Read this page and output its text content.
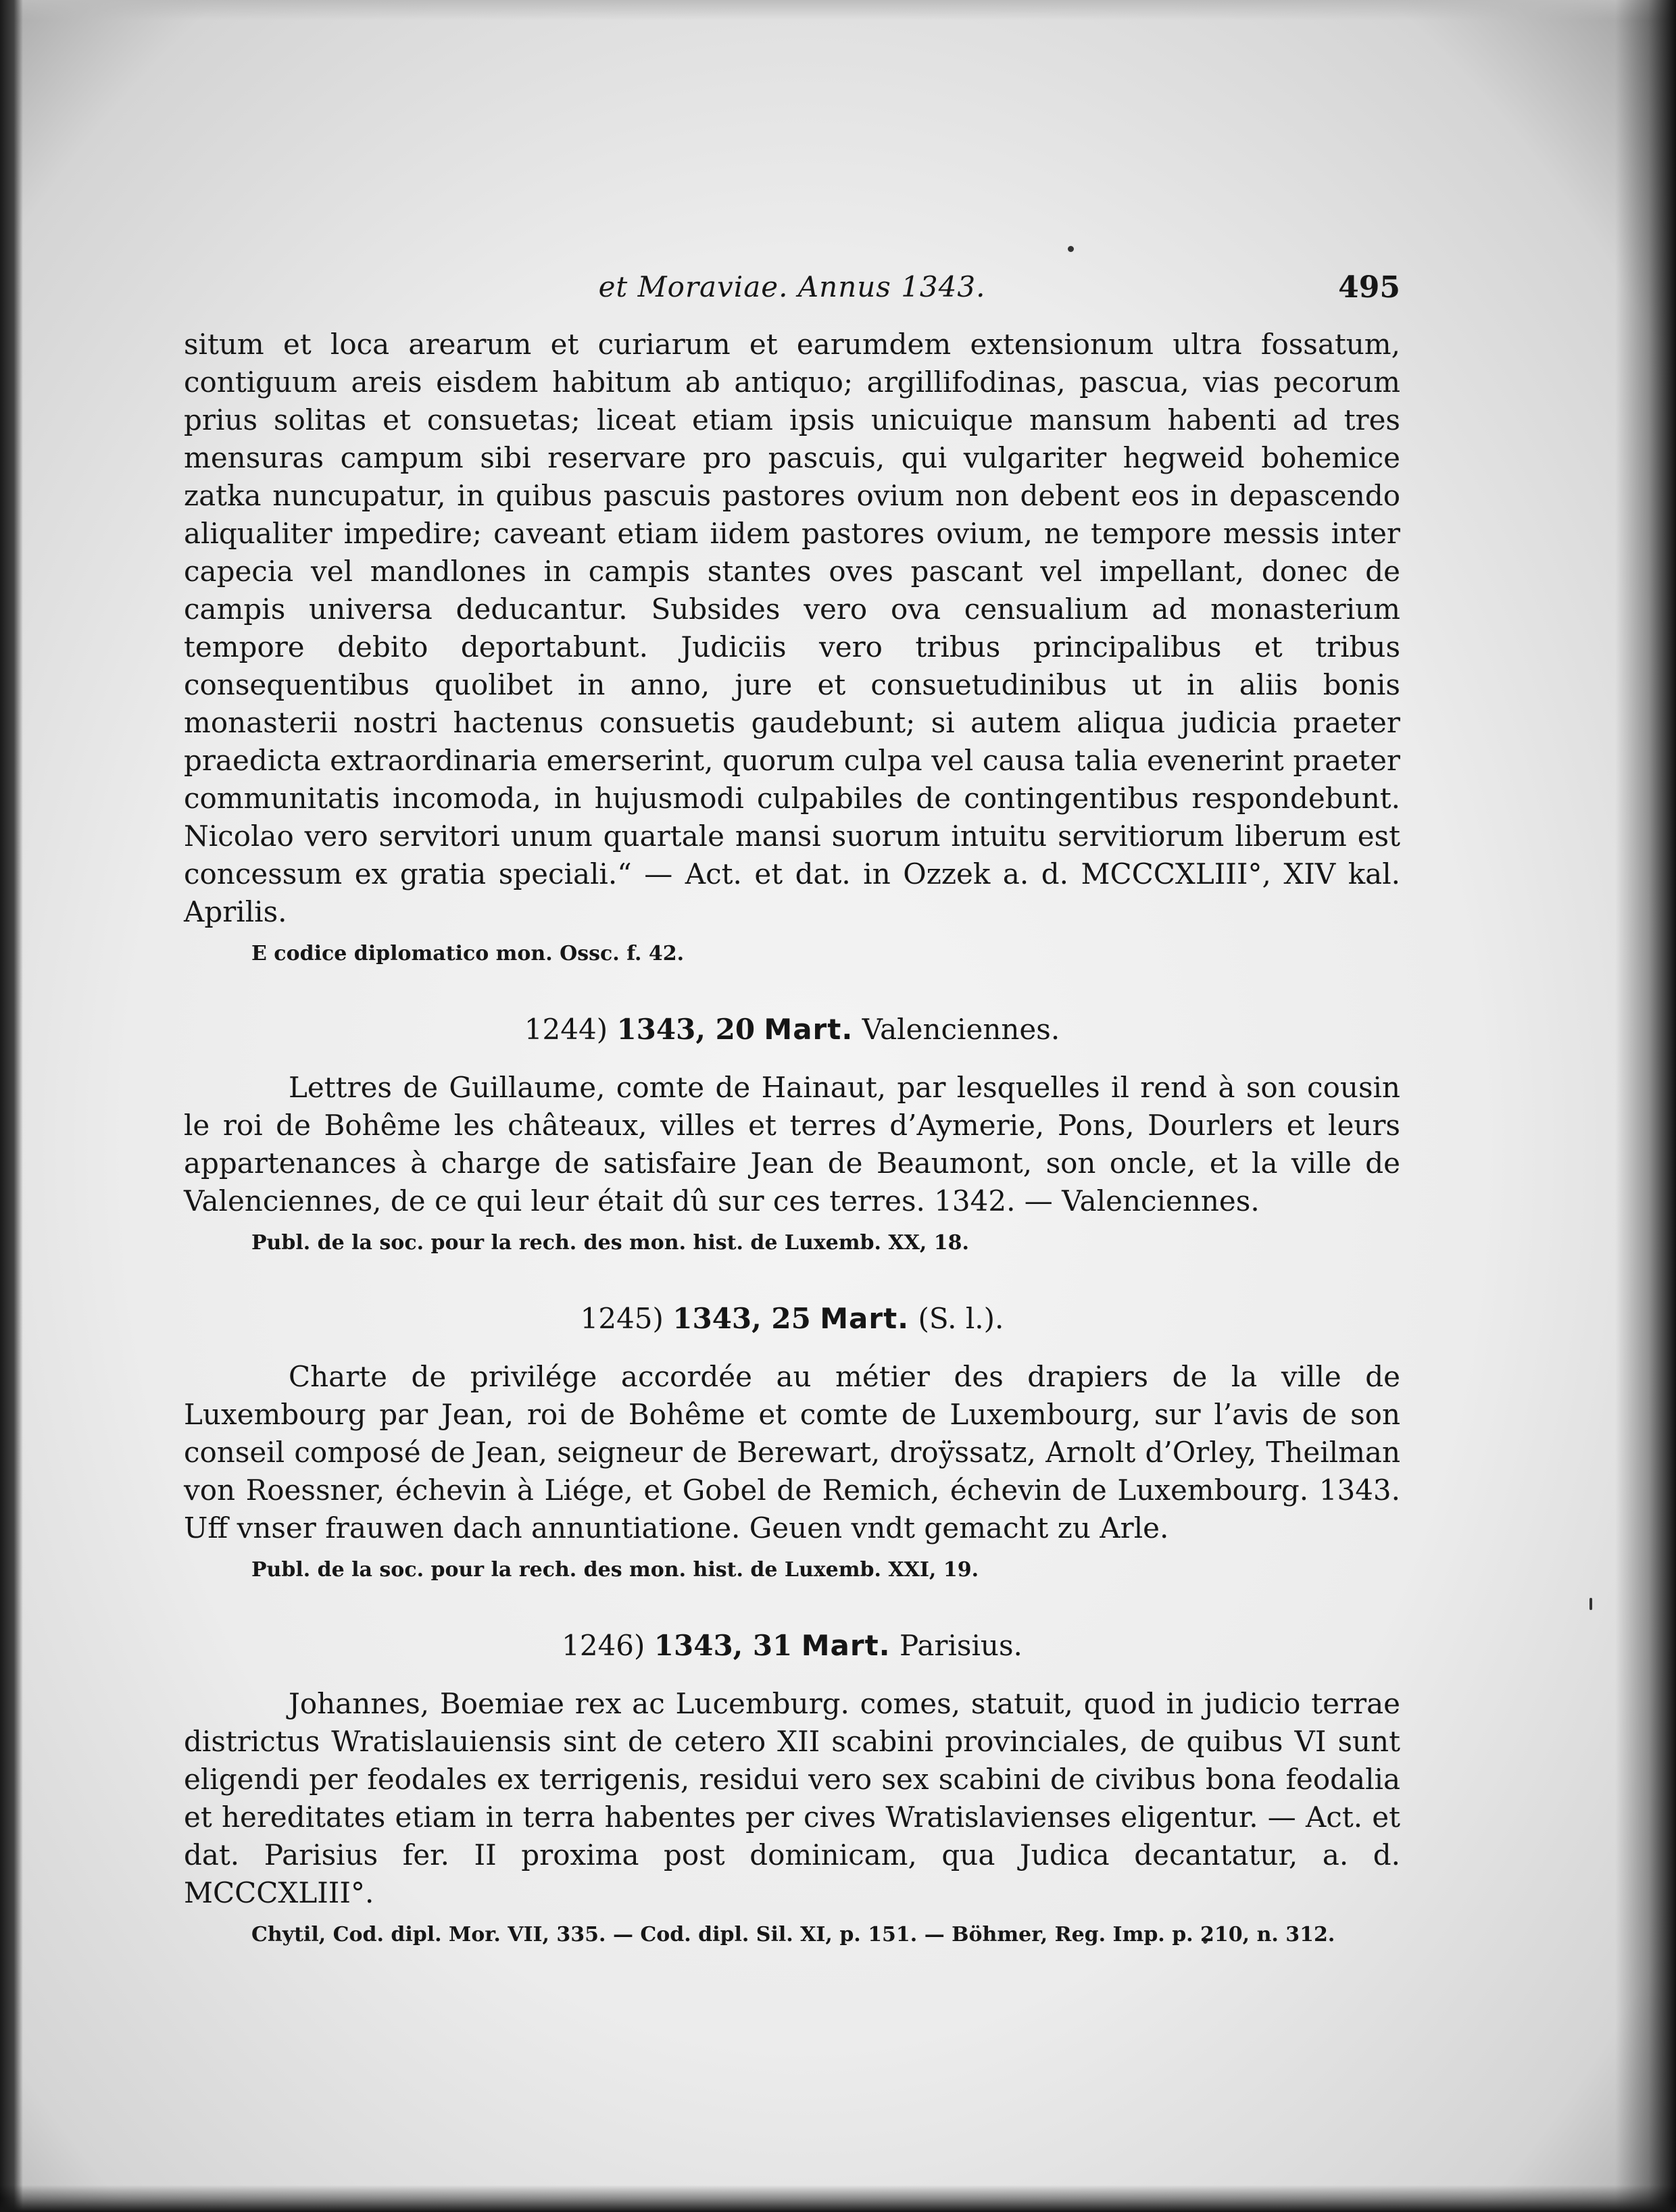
et Moraviae. Annus 1343.	495

situm et loca arearum et curiarum et earumdem extensionum ultra fossatum, contiguum areis eisdem habitum ab antiquo; argillifodinas, pascua, vias pecorum prius solitas et consuetas; liceat etiam ipsis unicuique mansum habenti ad tres mensuras campum sibi reservare pro pascuis, qui vulgariter hegweid bohemice zatka nuncupatur, in quibus pascuis pastores ovium non debent eos in depascendo aliqualiter impedire; caveant etiam iidem pastores ovium, ne tempore messis inter capecia vel mandlones in campis stantes oves pascant vel impellant, donec de campis universa deducantur. Subsides vero ova censualium ad monasterium tempore debito deportabunt. Judiciis vero tribus principalibus et tribus consequentibus quolibet in anno, jure et consuetudinibus ut in aliis bonis monasterii nostri hactenus consuetis gaudebunt; si autem aliqua judicia praeter praedicta extraordinaria emerserint, quorum culpa vel causa talia evenerint praeter communitatis incomoda, in hujusmodi culpabiles de contingentibus respondebunt. Nicolao vero servitori unum quartale mansi suorum intuitu servitiorum liberum est concessum ex gratia speciali.“ — Act. et dat. in Ozzek a. d. MCCCXLIII°, XIV kal. Aprilis.

E codice diplomatico mon. Ossc. f. 42.

1244) 1343, 20 Mart. Valenciennes.

Lettres de Guillaume, comte de Hainaut, par lesquelles il rend à son cousin le roi de Bohême les châteaux, villes et terres d’Aymerie, Pons, Dourlers et leurs appartenances à charge de satisfaire Jean de Beaumont, son oncle, et la ville de Valenciennes, de ce qui leur était dû sur ces terres. 1342. — Valenciennes.

Publ. de la soc. pour la rech. des mon. hist. de Luxemb. XX, 18.

1245) 1343, 25 Mart. (S. l.).

Charte de privilége accordée au métier des drapiers de la ville de Luxembourg par Jean, roi de Bohême et comte de Luxembourg, sur l’avis de son conseil composé de Jean, seigneur de Berewart, droÿssatz, Arnolt d’Orley, Theilman von Roessner, échevin à Liége, et Gobel de Remich, échevin de Luxembourg. 1343. Uff vnser frauwen dach annuntiatione. Geuen vndt gemacht zu Arle.

Publ. de la soc. pour la rech. des mon. hist. de Luxemb. XXI, 19.

1246) 1343, 31 Mart. Parisius.

Johannes, Boemiae rex ac Lucemburg. comes, statuit, quod in judicio terrae districtus Wratislauiensis sint de cetero XII scabini provinciales, de quibus VI sunt eligendi per feodales ex terrigenis, residui vero sex scabini de civibus bona feodalia et hereditates etiam in terra habentes per cives Wratislavienses eligentur. — Act. et dat. Parisius fer. II proxima post dominicam, qua Judica decantatur, a. d. MCCCXLIII°.

Chytil, Cod. dipl. Mor. VII, 335. — Cod. dipl. Sil. XI, p. 151. — Böhmer, Reg. Imp. p. 210, n. 312.
